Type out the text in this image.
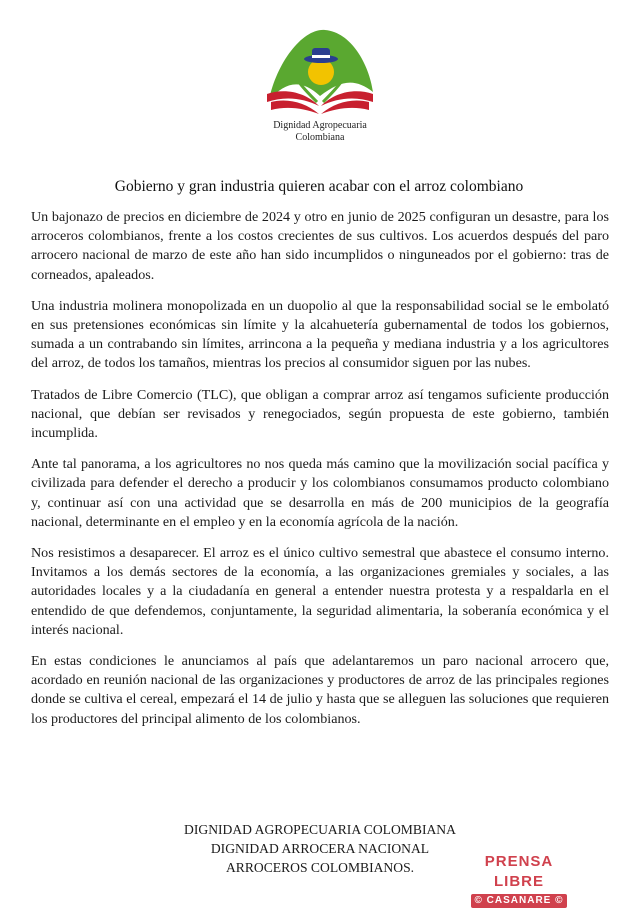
Dignidad Agropecuaria
Colombiana
Gobierno y gran industria quieren acabar con el arroz colombiano

Un bajonazo de precios en diciembre de 2024 y otro en junio de 2025 configuran un desastre, para los arroceros colombianos, frente a los costos crecientes de sus cultivos. Los acuerdos después del paro arrocero nacional de marzo de este año han sido incumplidos o ninguneados por el gobierno: tras de corneados, apaleados.

Una industria molinera monopolizada en un duopolio al que la responsabilidad social se le embolató en sus pretensiones económicas sin límite y la alcahuetería gubernamental de todos los gobiernos, sumada a un contrabando sin límites, arrincona a la pequeña y mediana industria y a los agricultores del arroz, de todos los tamaños, mientras los precios al consumidor siguen por las nubes.

Tratados de Libre Comercio (TLC), que obligan a comprar arroz así tengamos suficiente producción nacional, que debían ser revisados y renegociados, según propuesta de este gobierno, también incumplida.

Ante tal panorama, a los agricultores no nos queda más camino que la movilización social pacífica y civilizada para defender el derecho a producir y los colombianos consumamos producto colombiano y, continuar así con una actividad que se desarrolla en más de 200 municipios de la geografía nacional, determinante en el empleo y en la economía agrícola de la nación.

Nos resistimos a desaparecer. El arroz es el único cultivo semestral que abastece el consumo interno. Invitamos a los demás sectores de la economía, a las organizaciones gremiales y sociales, a las autoridades locales y a la ciudadanía en general a entender nuestra protesta y a respaldarla en el entendido de que defendemos, conjuntamente, la seguridad alimentaria, la soberanía económica y el interés nacional.

En estas condiciones le anunciamos al país que adelantaremos un paro nacional arrocero que, acordado en reunión nacional de las organizaciones y productores de arroz de las principales regiones donde se cultiva el cereal, empezará el 14 de julio y hasta que se alleguen las soluciones que requieren los productores del principal alimento de los colombianos.

DIGNIDAD AGROPECUARIA COLOMBIANA
DIGNIDAD ARROCERA NACIONAL
ARROCEROS COLOMBIANOS.	PRENSA LIBRE
© CASANARE ©
